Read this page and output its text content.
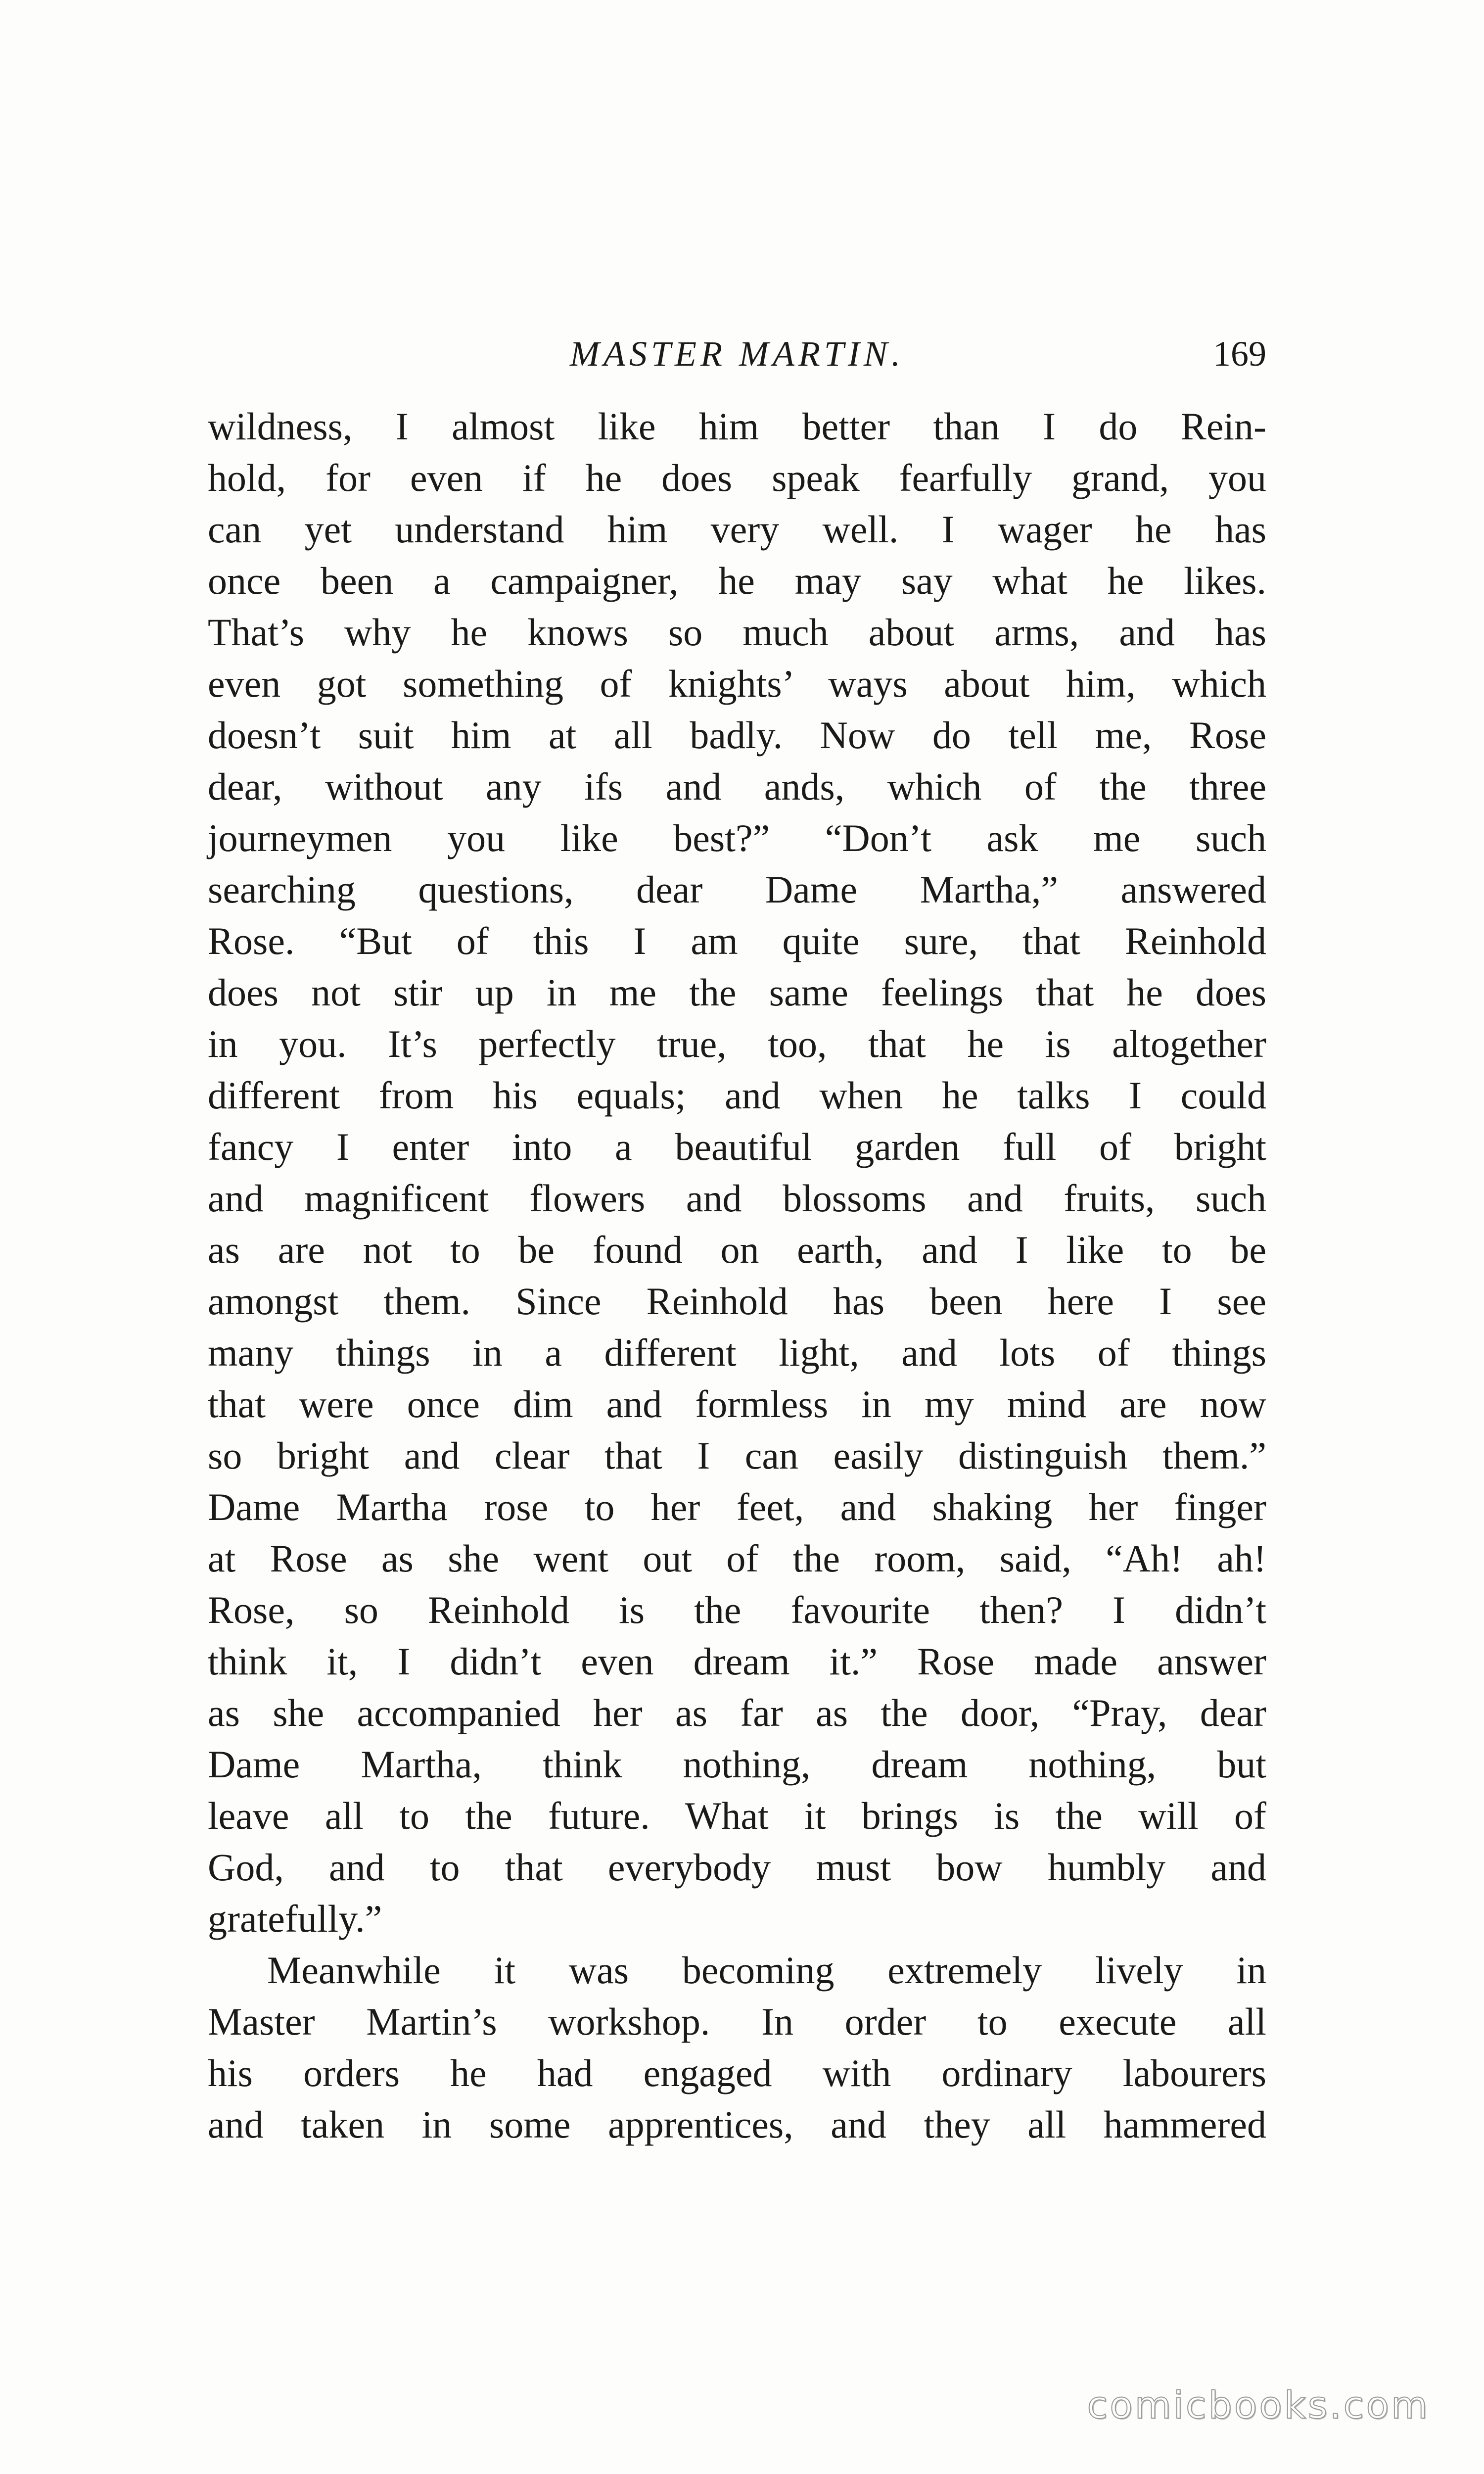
MASTER MARTIN.	169
wildness, I almost like him better than I do Rein-
hold, for even if he does speak fearfully grand, you
can yet understand him very well. I wager he has
once been a campaigner, he may say what he likes.
That’s why he knows so much about arms, and has
even got something of knights’ ways about him, which
doesn’t suit him at all badly. Now do tell me, Rose
dear, without any ifs and ands, which of the three
journeymen you like best?” “Don’t ask me such
searching questions, dear Dame Martha,” answered
Rose. “But of this I am quite sure, that Reinhold
does not stir up in me the same feelings that he does
in you. It’s perfectly true, too, that he is altogether
different from his equals; and when he talks I could
fancy I enter into a beautiful garden full of bright
and magnificent flowers and blossoms and fruits, such
as are not to be found on earth, and I like to be
amongst them. Since Reinhold has been here I see
many things in a different light, and lots of things
that were once dim and formless in my mind are now
so bright and clear that I can easily distinguish them.”
Dame Martha rose to her feet, and shaking her finger
at Rose as she went out of the room, said, “Ah! ah!
Rose, so Reinhold is the favourite then? I didn’t
think it, I didn’t even dream it.” Rose made answer
as she accompanied her as far as the door, “Pray, dear
Dame Martha, think nothing, dream nothing, but
leave all to the future. What it brings is the will of
God, and to that everybody must bow humbly and
gratefully.”
Meanwhile it was becoming extremely lively in
Master Martin’s workshop. In order to execute all
his orders he had engaged with ordinary labourers
and taken in some apprentices, and they all hammered
comicbooks.com
